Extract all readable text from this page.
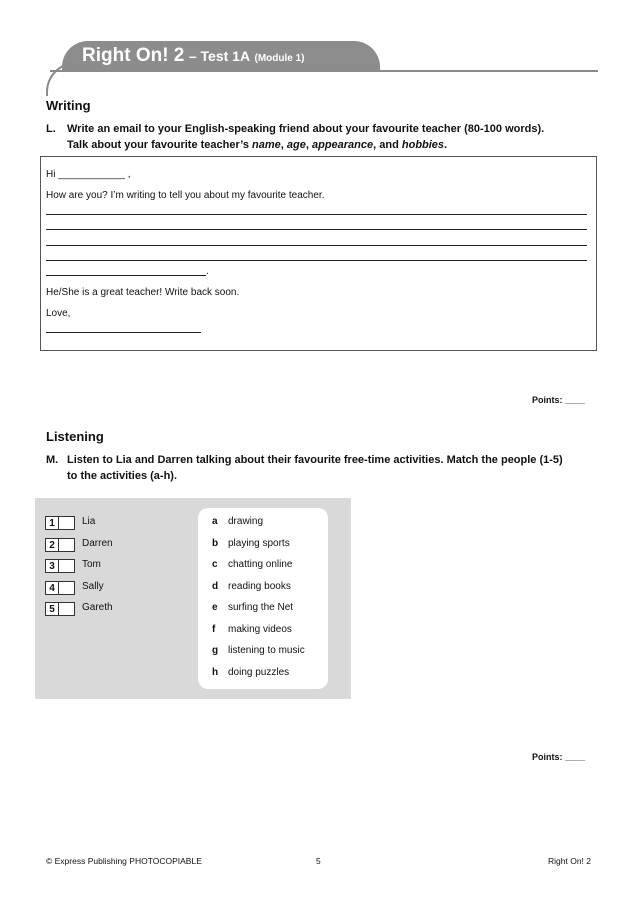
Right On! 2 – Test 1A (Module 1)
Writing
L. Write an email to your English-speaking friend about your favourite teacher (80-100 words). Talk about your favourite teacher’s name, age, appearance, and hobbies.
Hi ____________ ,
How are you? I’m writing to tell you about my favourite teacher.
.
He/She is a great teacher! Write back soon.
Love,
Points: ____
Listening
M. Listen to Lia and Darren talking about their favourite free-time activities. Match the people (1-5) to the activities (a-h).
1	Lia
2	Darren
3	Tom
4	Sally
5	Gareth
a drawing
b playing sports
c chatting online
d reading books
e surfing the Net
f making videos
g listening to music
h doing puzzles
Points: ____
© Express Publishing PHOTOCOPIABLE	5	Right On! 2
